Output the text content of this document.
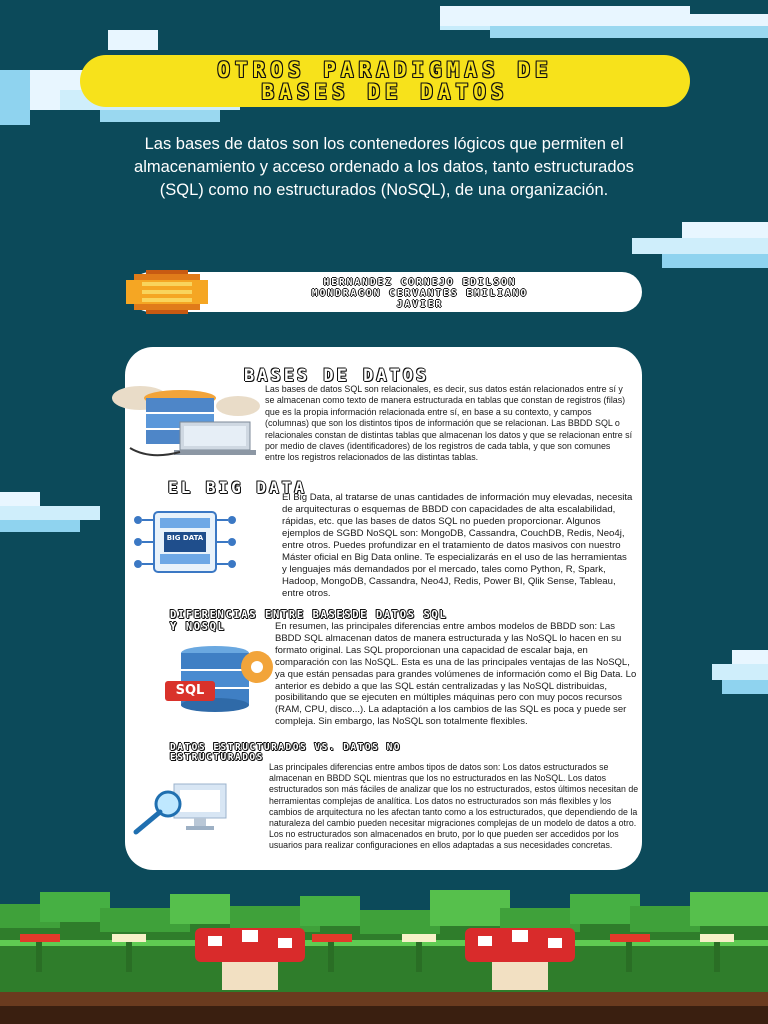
OTROS PARADIGMAS DE
BASES DE DATOS

Las bases de datos son los contenedores lógicos que permiten el almacenamiento y acceso ordenado a los datos, tanto estructurados (SQL) como no estructurados (NoSQL), de una organización.

HERNANDEZ CORNEJO EDILSON
MONDRAGON CERVANTES EMILIANO
JAVIER
BASES DE DATOS

Las bases de datos SQL son relacionales, es decir, sus datos están relacionados entre sí y se almacenan como texto de manera estructurada en tablas que constan de registros (filas) que es la propia información relacionada entre sí, en base a su contexto, y campos (columnas) que son los distintos tipos de información que se relacionan. Las BBDD SQL o relacionales constan de distintas tablas que almacenan los datos y que se relacionan entre sí por medio de claves (identificadores) de los registros de cada tabla, y que son comunes entre los registros relacionados de las distintas tablas.

EL BIG DATA
BIG DATA

El Big Data, al tratarse de unas cantidades de información muy elevadas, necesita de arquitecturas o esquemas de BBDD con capacidades de alta escalabilidad, rápidas, etc. que las bases de datos SQL no pueden proporcionar. Algunos ejemplos de SGBD NoSQL son: MongoDB, Cassandra, CouchDB, Redis, Neo4j, entre otros. Puedes profundizar en el tratamiento de datos masivos con nuestro Máster oficial en Big Data online. Te especializarás en el uso de las herramientas y lenguajes más demandados por el mercado, tales como Python, R, Spark, Hadoop, MongoDB, Cassandra, Neo4J, Redis, Power BI, Qlik Sense, Tableau, entre otros.

DIFERENCIAS ENTRE BASESDE DATOS SQL
Y NOSQL
SQL

En resumen, las principales diferencias entre ambos modelos de BBDD son: Las BBDD SQL almacenan datos de manera estructurada y las NoSQL lo hacen en su formato original. Las SQL proporcionan una capacidad de escalar baja, en comparación con las NoSQL. Esta es una de las principales ventajas de las NoSQL, ya que están pensadas para grandes volúmenes de información como el Big Data. Lo anterior es debido a que las SQL están centralizadas y las NoSQL distribuidas, posibilitando que se ejecuten en múltiples máquinas pero con muy pocos recursos (RAM, CPU, disco...). La adaptación a los cambios de las SQL es poca y puede ser compleja. Sin embargo, las NoSQL son totalmente flexibles.

DATOS ESTRUCTURADOS VS. DATOS NO
ESTRUCTURADOS

Las principales diferencias entre ambos tipos de datos son: Los datos estructurados se almacenan en BBDD SQL mientras que los no estructurados en las NoSQL. Los datos estructurados son más fáciles de analizar que los no estructurados, estos últimos necesitan de herramientas complejas de analítica. Los datos no estructurados son más flexibles y los cambios de arquitectura no les afectan tanto como a los estructurados, que dependiendo de la naturaleza del cambio pueden necesitar migraciones complejas de un modelo de datos a otro. Los no estructurados son almacenados en bruto, por lo que pueden ser accedidos por los usuarios para realizar configuraciones en ellos adaptadas a sus necesidades concretas.
